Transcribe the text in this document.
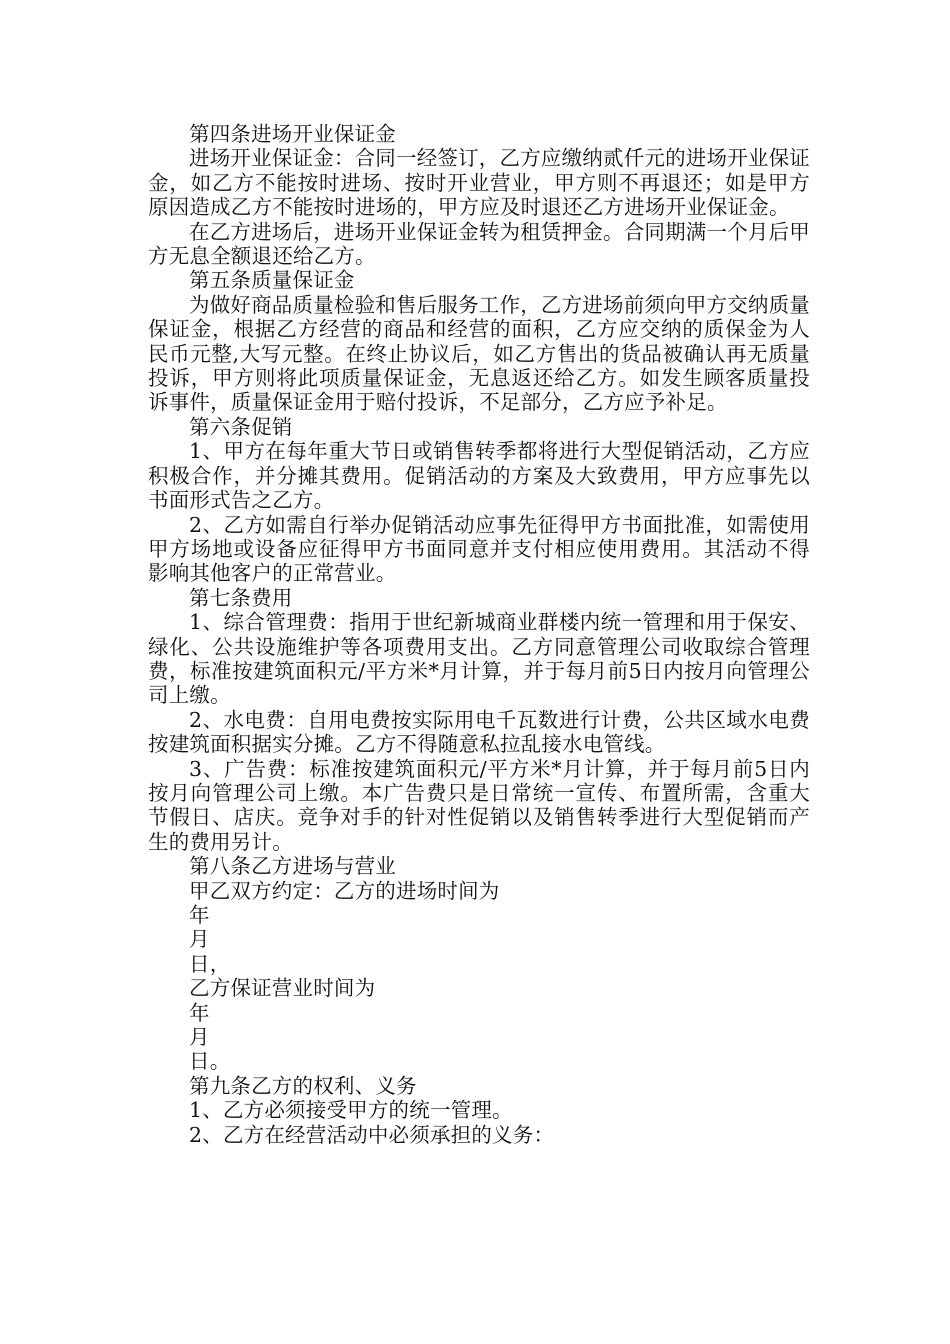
第四条进场开业保证金

进场开业保证金：合同一经签订，乙方应缴纳贰仟元的进场开业保证金，如乙方不能按时进场、按时开业营业，甲方则不再退还；如是甲方原因造成乙方不能按时进场的，甲方应及时退还乙方进场开业保证金。

在乙方进场后，进场开业保证金转为租赁押金。合同期满一个月后甲方无息全额退还给乙方。

第五条质量保证金

为做好商品质量检验和售后服务工作，乙方进场前须向甲方交纳质量保证金，根据乙方经营的商品和经营的面积，乙方应交纳的质保金为人民币元整,大写元整。在终止协议后，如乙方售出的货品被确认再无质量投诉，甲方则将此项质量保证金，无息返还给乙方。如发生顾客质量投诉事件，质量保证金用于赔付投诉，不足部分，乙方应予补足。

第六条促销

1、甲方在每年重大节日或销售转季都将进行大型促销活动，乙方应积极合作，并分摊其费用。促销活动的方案及大致费用，甲方应事先以书面形式告之乙方。

2、乙方如需自行举办促销活动应事先征得甲方书面批准，如需使用甲方场地或设备应征得甲方书面同意并支付相应使用费用。其活动不得影响其他客户的正常营业。

第七条费用

1、综合管理费：指用于世纪新城商业群楼内统一管理和用于保安、绿化、公共设施维护等各项费用支出。乙方同意管理公司收取综合管理费，标准按建筑面积元/平方米*月计算，并于每月前5日内按月向管理公司上缴。

2、水电费：自用电费按实际用电千瓦数进行计费，公共区域水电费按建筑面积据实分摊。乙方不得随意私拉乱接水电管线。

3、广告费：标准按建筑面积元/平方米*月计算，并于每月前5日内按月向管理公司上缴。本广告费只是日常统一宣传、布置所需，含重大节假日、店庆。竞争对手的针对性促销以及销售转季进行大型促销而产生的费用另计。

第八条乙方进场与营业

甲乙双方约定：乙方的进场时间为

年

月

日，

乙方保证营业时间为

年

月

日。

第九条乙方的权利、义务

1、乙方必须接受甲方的统一管理。

2、乙方在经营活动中必须承担的义务：
